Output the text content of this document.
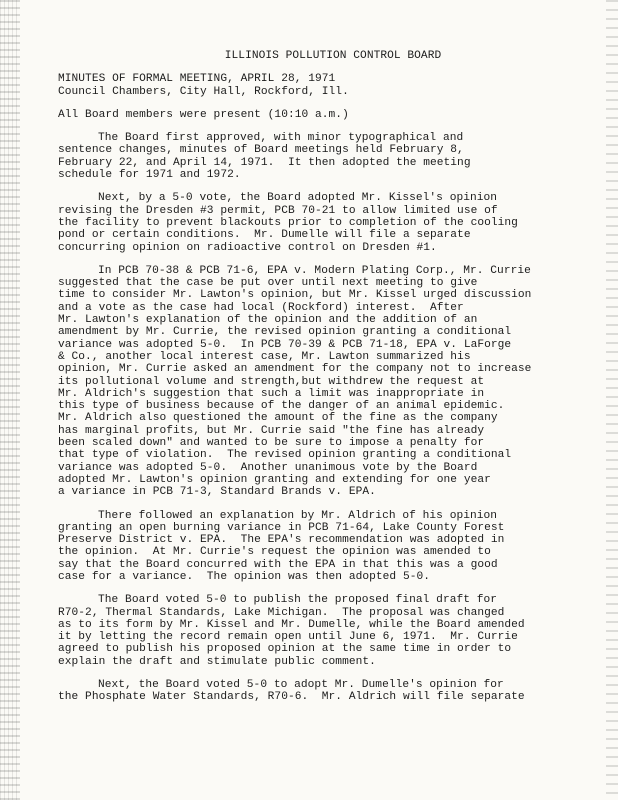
ILLINOIS POLLUTION CONTROL BOARD
MINUTES OF FORMAL MEETING, APRIL 28, 1971
Council Chambers, City Hall, Rockford, Ill.
All Board members were present (10:10 a.m.)
The Board first approved, with minor typographical and
sentence changes, minutes of Board meetings held February 8,
February 22, and April 14, 1971.  It then adopted the meeting
schedule for 1971 and 1972.
Next, by a 5-0 vote, the Board adopted Mr. Kissel's opinion
revising the Dresden #3 permit, PCB 70-21 to allow limited use of
the facility to prevent blackouts prior to completion of the cooling
pond or certain conditions.  Mr. Dumelle will file a separate
concurring opinion on radioactive control on Dresden #1.
In PCB 70-38 & PCB 71-6, EPA v. Modern Plating Corp., Mr. Currie
suggested that the case be put over until next meeting to give
time to consider Mr. Lawton's opinion, but Mr. Kissel urged discussion
and a vote as the case had local (Rockford) interest.  After
Mr. Lawton's explanation of the opinion and the addition of an
amendment by Mr. Currie, the revised opinion granting a conditional
variance was adopted 5-0.  In PCB 70-39 & PCB 71-18, EPA v. LaForge
& Co., another local interest case, Mr. Lawton summarized his
opinion, Mr. Currie asked an amendment for the company not to increase
its pollutional volume and strength,but withdrew the request at
Mr. Aldrich's suggestion that such a limit was inappropriate in
this type of business because of the danger of an animal epidemic.
Mr. Aldrich also questioned the amount of the fine as the company
has marginal profits, but Mr. Currie said "the fine has already
been scaled down" and wanted to be sure to impose a penalty for
that type of violation.  The revised opinion granting a conditional
variance was adopted 5-0.  Another unanimous vote by the Board
adopted Mr. Lawton's opinion granting and extending for one year
a variance in PCB 71-3, Standard Brands v. EPA.
There followed an explanation by Mr. Aldrich of his opinion
granting an open burning variance in PCB 71-64, Lake County Forest
Preserve District v. EPA.  The EPA's recommendation was adopted in
the opinion.  At Mr. Currie's request the opinion was amended to
say that the Board concurred with the EPA in that this was a good
case for a variance.  The opinion was then adopted 5-0.
The Board voted 5-0 to publish the proposed final draft for
R70-2, Thermal Standards, Lake Michigan.  The proposal was changed
as to its form by Mr. Kissel and Mr. Dumelle, while the Board amended
it by letting the record remain open until June 6, 1971.  Mr. Currie
agreed to publish his proposed opinion at the same time in order to
explain the draft and stimulate public comment.
Next, the Board voted 5-0 to adopt Mr. Dumelle's opinion for
the Phosphate Water Standards, R70-6.  Mr. Aldrich will file separate
